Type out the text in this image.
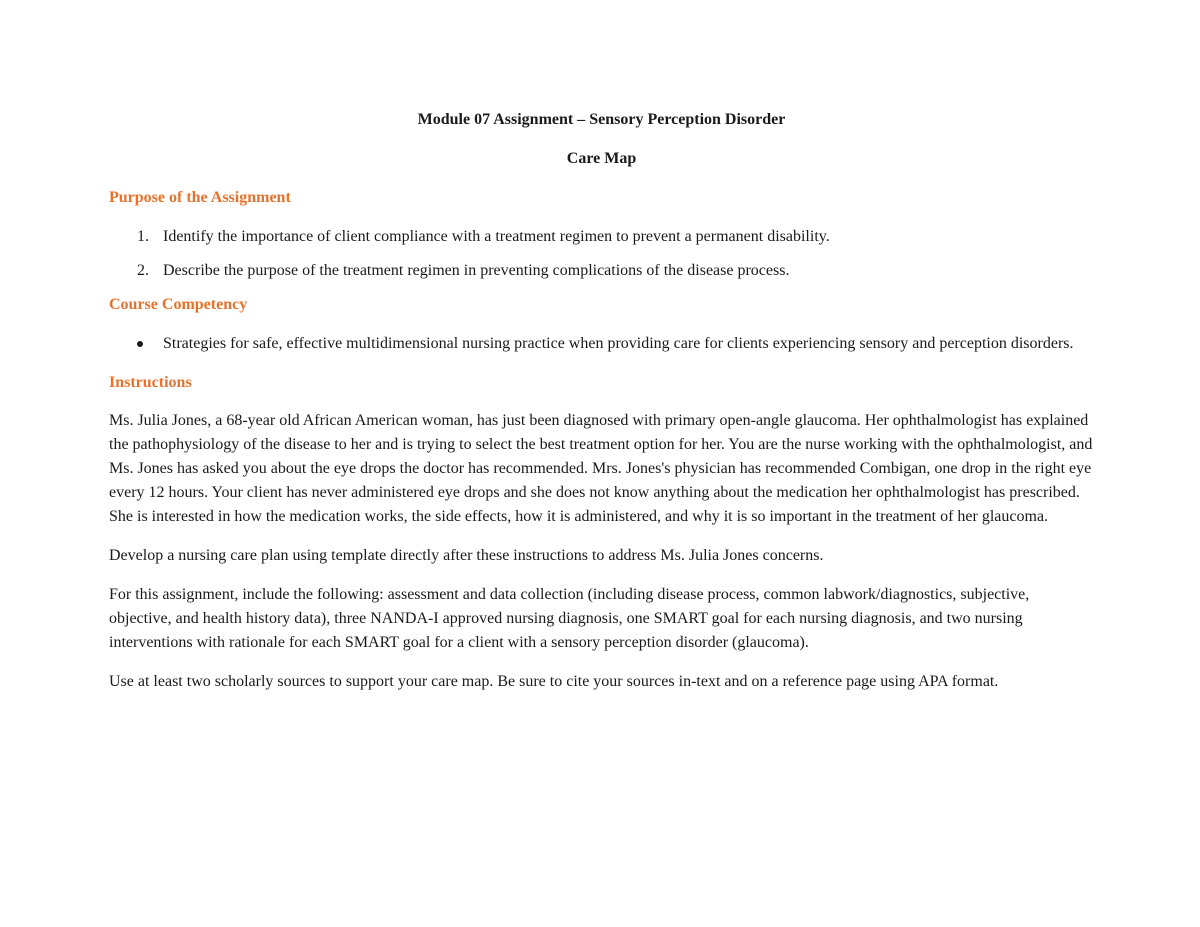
Module 07 Assignment – Sensory Perception Disorder

Care Map

Purpose of the Assignment

1. Identify the importance of client compliance with a treatment regimen to prevent a permanent disability.
2. Describe the purpose of the treatment regimen in preventing complications of the disease process.

Course Competency

Strategies for safe, effective multidimensional nursing practice when providing care for clients experiencing sensory and perception disorders.

Instructions

Ms. Julia Jones, a 68-year old African American woman, has just been diagnosed with primary open-angle glaucoma. Her ophthalmologist has explained the pathophysiology of the disease to her and is trying to select the best treatment option for her. You are the nurse working with the ophthalmologist, and Ms. Jones has asked you about the eye drops the doctor has recommended. Mrs. Jones's physician has recommended Combigan, one drop in the right eye every 12 hours. Your client has never administered eye drops and she does not know anything about the medication her ophthalmologist has prescribed. She is interested in how the medication works, the side effects, how it is administered, and why it is so important in the treatment of her glaucoma.

Develop a nursing care plan using template directly after these instructions to address Ms. Julia Jones concerns.

For this assignment, include the following: assessment and data collection (including disease process, common labwork/diagnostics, subjective, objective, and health history data), three NANDA-I approved nursing diagnosis, one SMART goal for each nursing diagnosis, and two nursing interventions with rationale for each SMART goal for a client with a sensory perception disorder (glaucoma).

Use at least two scholarly sources to support your care map. Be sure to cite your sources in-text and on a reference page using APA format.
